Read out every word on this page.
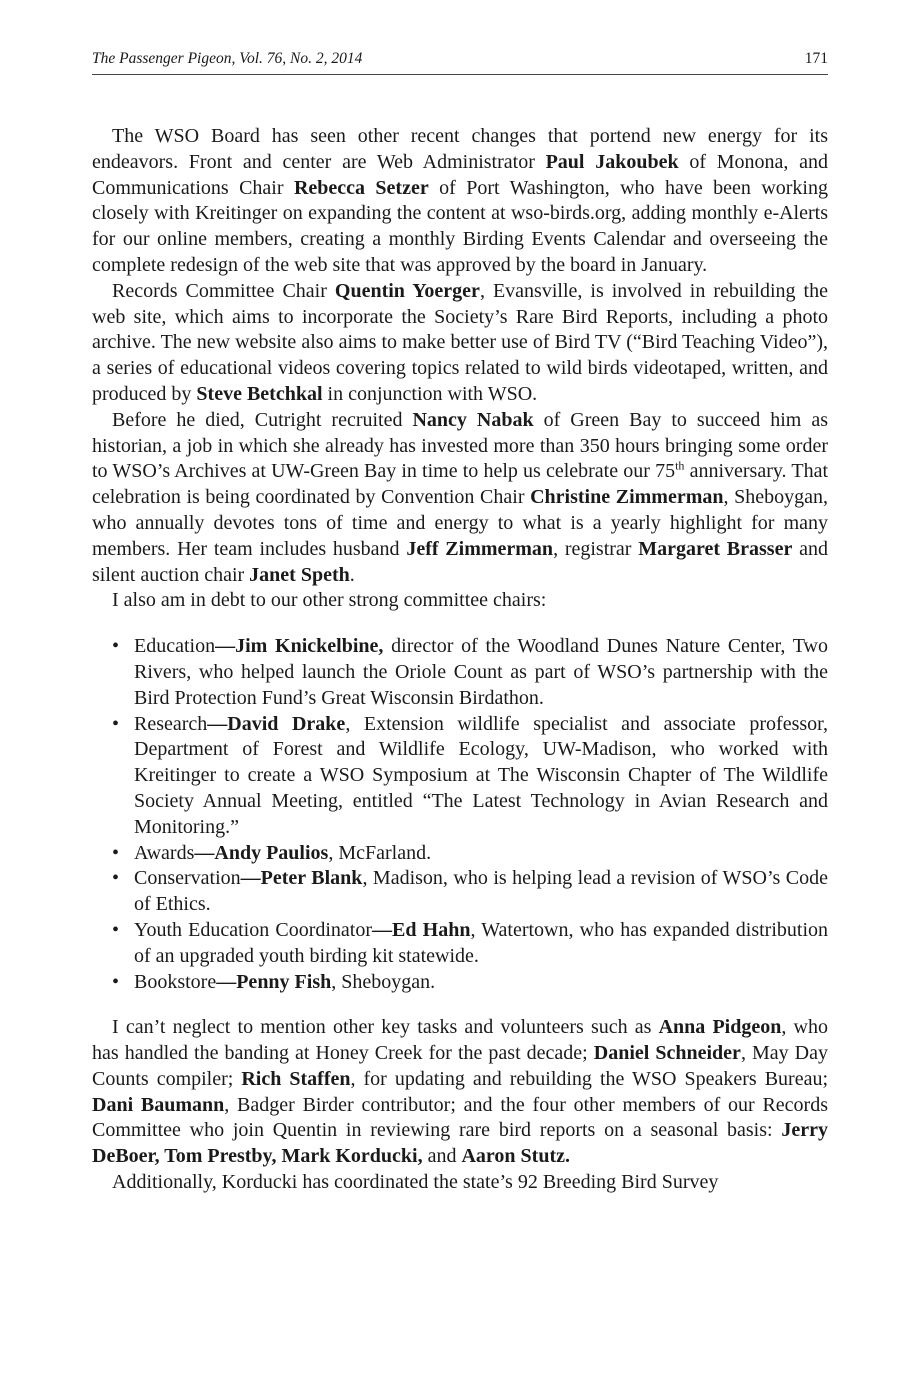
The Passenger Pigeon, Vol. 76, No. 2, 2014	171

The WSO Board has seen other recent changes that portend new energy for its endeavors. Front and center are Web Administrator Paul Jakoubek of Monona, and Communications Chair Rebecca Setzer of Port Washington, who have been working closely with Kreitinger on expanding the content at wso-birds.org, adding monthly e-Alerts for our online members, creating a monthly Birding Events Calendar and overseeing the complete redesign of the web site that was approved by the board in January.

Records Committee Chair Quentin Yoerger, Evansville, is involved in rebuilding the web site, which aims to incorporate the Society’s Rare Bird Reports, including a photo archive. The new website also aims to make better use of Bird TV (“Bird Teaching Video”), a series of educational videos covering topics related to wild birds videotaped, written, and produced by Steve Betchkal in conjunction with WSO.

Before he died, Cutright recruited Nancy Nabak of Green Bay to succeed him as historian, a job in which she already has invested more than 350 hours bringing some order to WSO’s Archives at UW-Green Bay in time to help us celebrate our 75th anniversary. That celebration is being coordinated by Convention Chair Christine Zimmerman, Sheboygan, who annually devotes tons of time and energy to what is a yearly highlight for many members. Her team includes husband Jeff Zimmerman, registrar Margaret Brasser and silent auction chair Janet Speth.

I also am in debt to our other strong committee chairs:

• Education—Jim Knickelbine, director of the Woodland Dunes Nature Center, Two Rivers, who helped launch the Oriole Count as part of WSO’s partnership with the Bird Protection Fund’s Great Wisconsin Birdathon.
• Research—David Drake, Extension wildlife specialist and associate professor, Department of Forest and Wildlife Ecology, UW-Madison, who worked with Kreitinger to create a WSO Symposium at The Wisconsin Chapter of The Wildlife Society Annual Meeting, entitled “The Latest Technology in Avian Research and Monitoring.”
• Awards—Andy Paulios, McFarland.
• Conservation—Peter Blank, Madison, who is helping lead a revision of WSO’s Code of Ethics.
• Youth Education Coordinator—Ed Hahn, Watertown, who has expanded distribution of an upgraded youth birding kit statewide.
• Bookstore—Penny Fish, Sheboygan.

I can’t neglect to mention other key tasks and volunteers such as Anna Pidgeon, who has handled the banding at Honey Creek for the past decade; Daniel Schneider, May Day Counts compiler; Rich Staffen, for updating and rebuilding the WSO Speakers Bureau; Dani Baumann, Badger Birder contributor; and the four other members of our Records Committee who join Quentin in reviewing rare bird reports on a seasonal basis: Jerry DeBoer, Tom Prestby, Mark Korducki, and Aaron Stutz.

Additionally, Korducki has coordinated the state’s 92 Breeding Bird Survey
